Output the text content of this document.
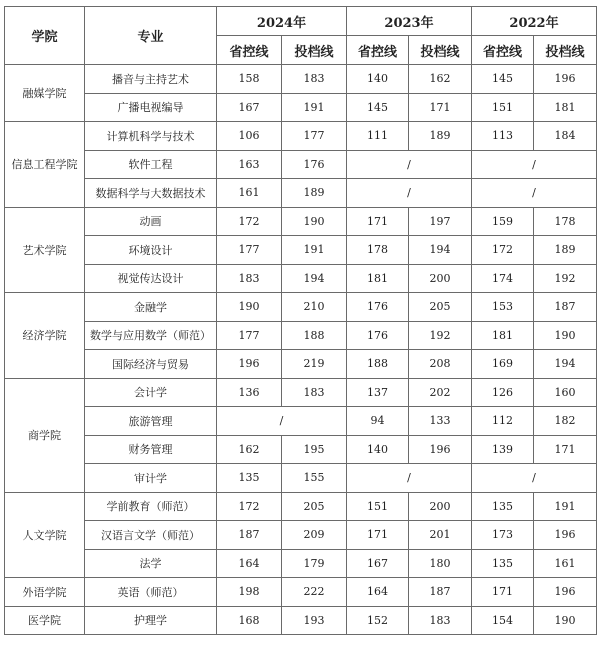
学院	专业	2024年		2023年		2022年	
		省控线	投档线	省控线	投档线	省控线	投档线
融媒学院	播音与主持艺术	158	183	140	162	145	196
	广播电视编导	167	191	145	171	151	181
信息工程学院	计算机科学与技术	106	177	111	189	113	184
	软件工程	163	176	/		/	
	数据科学与大数据技术	161	189	/		/	
艺术学院	动画	172	190	171	197	159	178
	环境设计	177	191	178	194	172	189
	视觉传达设计	183	194	181	200	174	192
经济学院	金融学	190	210	176	205	153	187
	数学与应用数学（师范）	177	188	176	192	181	190
	国际经济与贸易	196	219	188	208	169	194
商学院	会计学	136	183	137	202	126	160
	旅游管理	/		94	133	112	182
	财务管理	162	195	140	196	139	171
	审计学	135	155	/		/	
人文学院	学前教育（师范）	172	205	151	200	135	191
	汉语言文学（师范）	187	209	171	201	173	196
	法学	164	179	167	180	135	161
外语学院	英语（师范）	198	222	164	187	171	196
医学院	护理学	168	193	152	183	154	190
